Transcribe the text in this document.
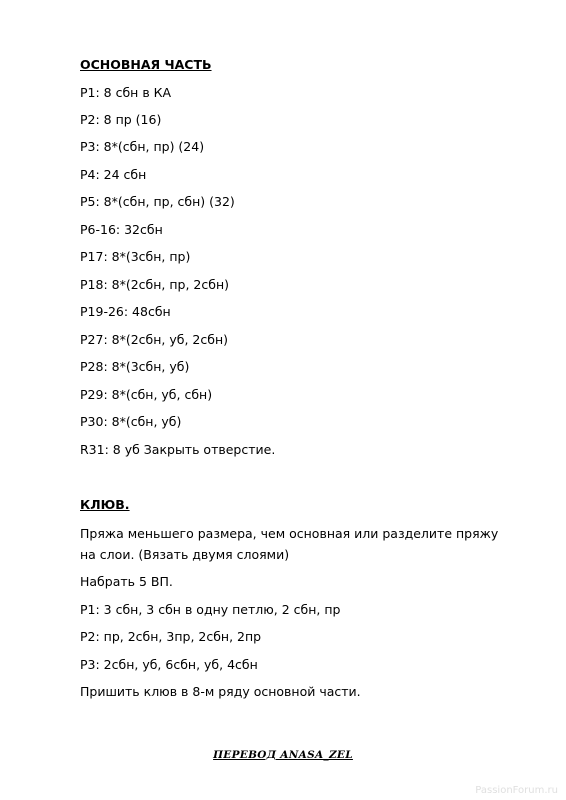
ОСНОВНАЯ ЧАСТЬ

Р1: 8 сбн в КА

Р2: 8 пр (16)

Р3: 8*(сбн, пр) (24)

Р4: 24 сбн

Р5: 8*(сбн, пр, сбн) (32)

Р6-16: 32сбн

Р17: 8*(3сбн, пр)

Р18: 8*(2сбн, пр, 2сбн)

Р19-26: 48сбн

Р27: 8*(2сбн, уб, 2сбн)

Р28: 8*(3сбн, уб)

Р29: 8*(сбн, уб, сбн)

Р30: 8*(сбн, уб)

R31: 8 уб Закрыть отверстие.

КЛЮВ.

Пряжа меньшего размера, чем основная или разделите пряжу на слои. (Вязать двумя слоями)

Набрать 5 ВП.

Р1: 3 сбн, 3 сбн в одну петлю, 2 сбн, пр

Р2: пр, 2сбн, 3пр, 2сбн, 2пр

Р3: 2сбн, уб, 6сбн, уб, 4сбн

Пришить клюв в 8-м ряду основной части.

ПЕРЕВОД ANASA_ZEL

PassionForum.ru
